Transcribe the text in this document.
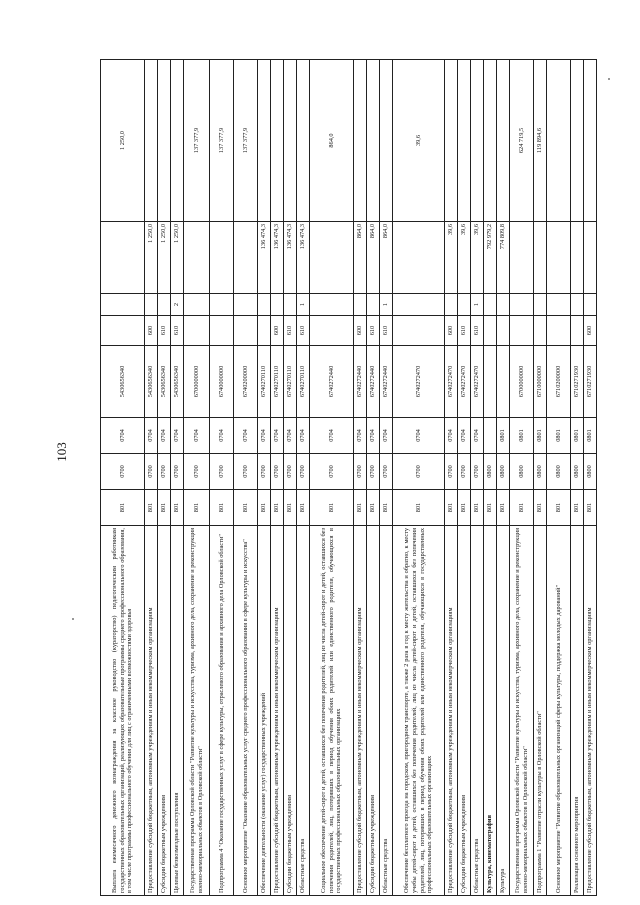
103
Выплата ежемесячного денежного вознаграждения за классное руководство (кураторство) педагогическим работникам государственных образовательных организаций, реализующих образовательные программы среднего профессионального образования, в том числе программы профессионального обучения для лиц с ограниченными возможностями здоровья	801	0700	0704	5430656340				1 250,0
Предоставление субсидий бюджетным, автономным учреждениям и иным некоммерческим организациям	801	0700	0704	5430656340	600		1 250,0	
Субсидии бюджетным учреждениям	801	0700	0704	5430656340	610		1 250,0	
Целевые безвозмездные поступления	801	0700	0704	5430656340	610	2	1 250,0	
Государственная программа Орловской области "Развитие культуры и искусства, туризма, архивного дела, сохранение и реконструкция военно-мемориальных объектов в Орловской области"	801	0700	0704	6700000000				137 377,9
Подпрограмма 4 "Оказание государственных услуг в сфере культуры, отраслевого образования и архивного дела Орловской области"	801	0700	0704	6740000000				137 377,9
Основное мероприятие "Оказание образовательных услуг среднего профессионального образования в сфере культуры и искусства"	801	0700	0704	6740200000				137 377,9
Обеспечение деятельности (оказание услуг) государственных учреждений	801	0700	0704	6740270110			136 474,3	
Предоставление субсидий бюджетным, автономным учреждениям и иным некоммерческим организациям	801	0700	0704	6740270110	600		136 474,3	
Субсидии бюджетным учреждениям	801	0700	0704	6740270110	610		136 474,3	
Областные средства	801	0700	0704	6740270110	610	1	136 474,3	
Социальное обеспечение детей-сирот и детей, оставшихся без попечения родителей, лиц из числа детей-сирот и детей, оставшихся без попечения родителей, лиц, потерявших в период обучения обоих родителей или единственного родителя, обучающихся в государственных профессиональных образовательных организациях	801	0700	0704	6740272440				864,0
Предоставление субсидий бюджетным, автономным учреждениям и иным некоммерческим организациям	801	0700	0704	6740272440	600		864,0	
Субсидии бюджетным учреждениям	801	0700	0704	6740272440	610		864,0	
Областные средства	801	0700	0704	6740272440	610	1	864,0	
Обеспечение бесплатного проезда на городском, пригородном транспорте, а также 2 раза в год к месту жительства и обратно, к месту учебы детей-сирот и детей, оставшихся без попечения родителей, лиц из числа детей-сирот и детей, оставшихся без попечения родителей, лиц, потерявших в период обучения обоих родителей или единственного родителя, обучающихся в государственных профессиональных образовательных организациях	801	0700	0704	6740272470				39,6
Предоставление субсидий бюджетным, автономным учреждениям и иным некоммерческим организациям	801	0700	0704	6740272470	600		39,6	
Субсидии бюджетным учреждениям	801	0700	0704	6740272470	610		39,6	
Областные средства	801	0700	0704	6740272470	610	1	39,6	
Культура, кинематография	801	0800					792 979,2	
Культура	801	0800	0801				774 809,8	
Государственная программа Орловской области "Развитие культуры и искусства, туризма, архивного дела, сохранение и реконструкция военно-мемориальных объектов в Орловской области"	801	0800	0801	6700000000				624 719,5
Подпрограмма 1 "Развитие отрасли культуры в Орловской области"	801	0800	0801	6710000000				119 894,6
Основное мероприятие "Развитие образовательных организаций сферы культуры, поддержка молодых дарований"	801	0800	0801	6710200000				
Реализация основного мероприятия	801	0800	0801	6710271930				
Предоставление субсидий бюджетным, автономным учреждениям и иным некоммерческим организациям	801	0800	0801	6710271930	600			
